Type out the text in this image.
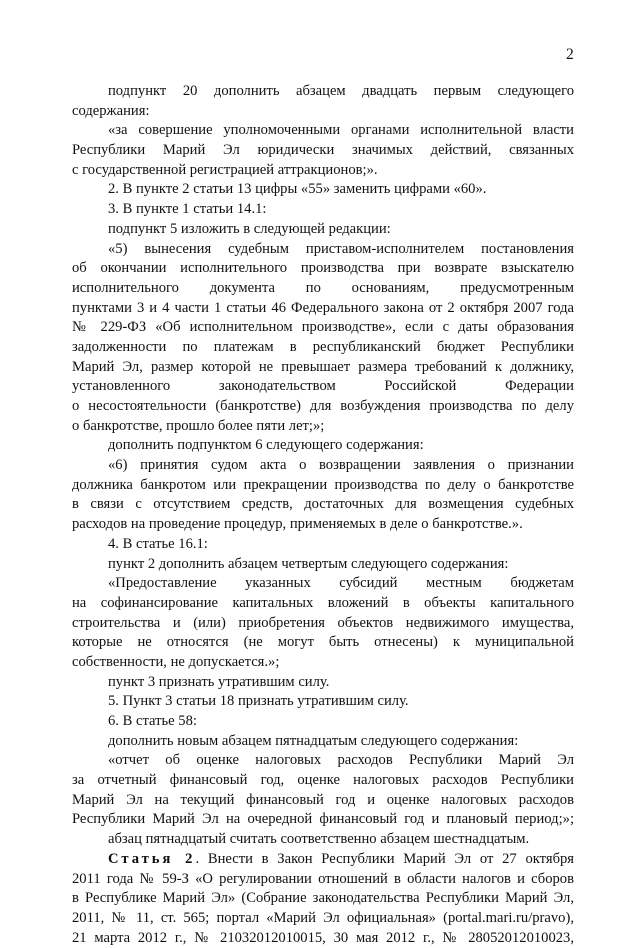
2
подпункт 20 дополнить абзацем двадцать первым следующего
содержания:
«за совершение уполномоченными органами исполнительной власти
Республики Марий Эл юридически значимых действий, связанных
с государственной регистрацией аттракционов;».
2. В пункте 2 статьи 13 цифры «55» заменить цифрами «60».
3. В пункте 1 статьи 14.1:
подпункт 5 изложить в следующей редакции:
«5) вынесения судебным приставом-исполнителем постановления
об окончании исполнительного производства при возврате взыскателю
исполнительного документа по основаниям, предусмотренным
пунктами 3 и 4 части 1 статьи 46 Федерального закона от 2 октября 2007 года
№ 229-ФЗ «Об исполнительном производстве», если с даты образования
задолженности по платежам в республиканский бюджет Республики
Марий Эл, размер которой не превышает размера требований к должнику,
установленного законодательством Российской Федерации
о несостоятельности (банкротстве) для возбуждения производства по делу
о банкротстве, прошло более пяти лет;»;
дополнить подпунктом 6 следующего содержания:
«6) принятия судом акта о возвращении заявления о признании
должника банкротом или прекращении производства по делу о банкротстве
в связи с отсутствием средств, достаточных для возмещения судебных
расходов на проведение процедур, применяемых в деле о банкротстве.».
4. В статье 16.1:
пункт 2 дополнить абзацем четвертым следующего содержания:
«Предоставление указанных субсидий местным бюджетам
на софинансирование капитальных вложений в объекты капитального
строительства и (или) приобретения объектов недвижимого имущества,
которые не относятся (не могут быть отнесены) к муниципальной
собственности, не допускается.»;
пункт 3 признать утратившим силу.
5. Пункт 3 статьи 18 признать утратившим силу.
6. В статье 58:
дополнить новым абзацем пятнадцатым следующего содержания:
«отчет об оценке налоговых расходов Республики Марий Эл
за отчетный финансовый год, оценке налоговых расходов Республики
Марий Эл на текущий финансовый год и оценке налоговых расходов
Республики Марий Эл на очередной финансовый год и плановый период;»;
абзац пятнадцатый считать соответственно абзацем шестнадцатым.
Статья 2. Внести в Закон Республики Марий Эл от 27 октября
2011 года № 59-З «О регулировании отношений в области налогов и сборов
в Республике Марий Эл» (Собрание законодательства Республики Марий Эл,
2011, № 11, ст. 565; портал «Марий Эл официальная» (portal.mari.ru/pravo),
21 марта 2012 г., № 21032012010015, 30 мая 2012 г., № 28052012010023,
